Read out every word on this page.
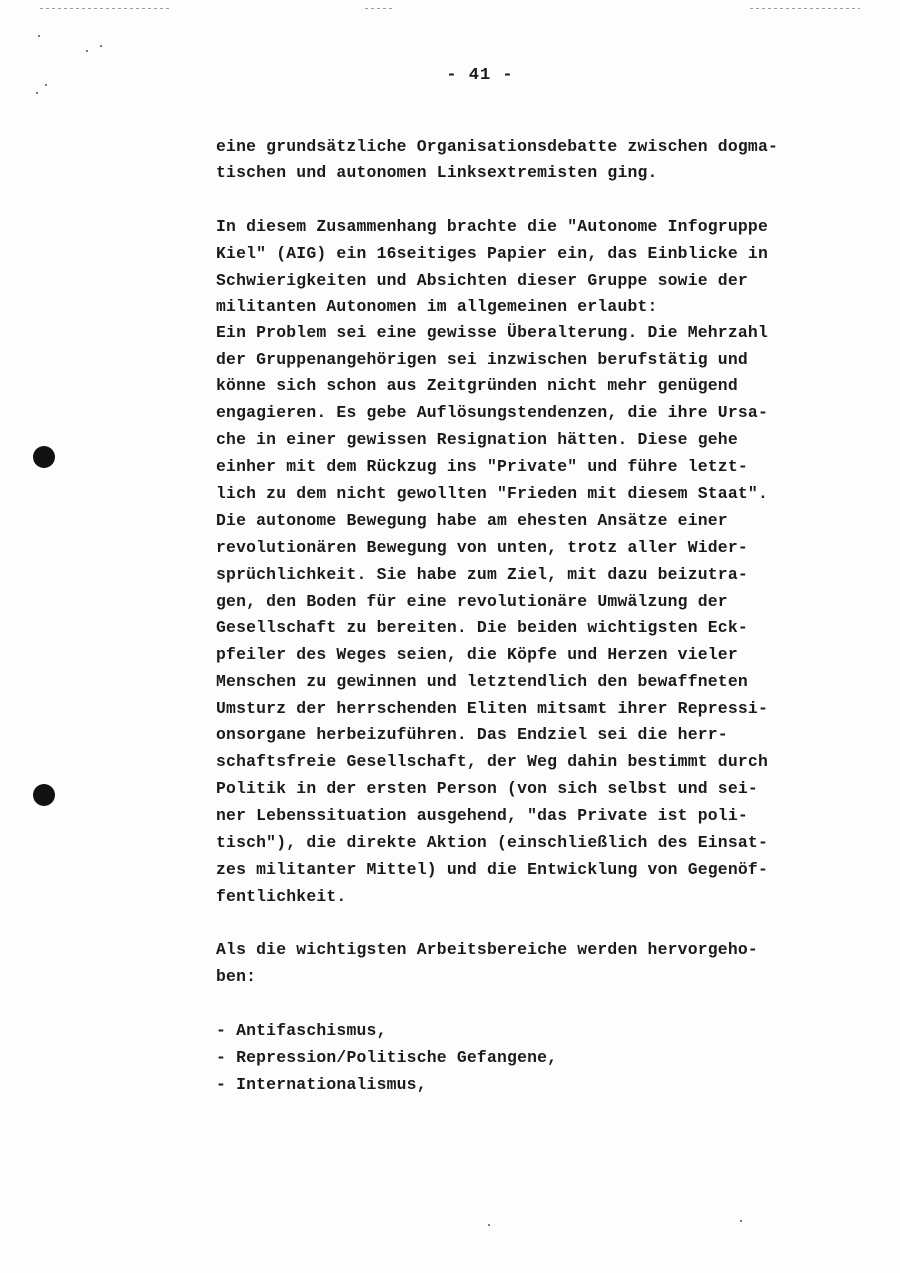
- 41 -
eine grundsätzliche Organisationsdebatte zwischen dogma-
tischen und autonomen Linksextremisten ging.
In diesem Zusammenhang brachte die "Autonome Infogruppe
Kiel" (AIG) ein 16seitiges Papier ein, das Einblicke in
Schwierigkeiten und Absichten dieser Gruppe sowie der
militanten Autonomen im allgemeinen erlaubt:
Ein Problem sei eine gewisse Überalterung. Die Mehrzahl
der Gruppenangehörigen sei inzwischen berufstätig und
könne sich schon aus Zeitgründen nicht mehr genügend
engagieren. Es gebe Auflösungstendenzen, die ihre Ursa-
che in einer gewissen Resignation hätten. Diese gehe
einher mit dem Rückzug ins "Private" und führe letzt-
lich zu dem nicht gewollten "Frieden mit diesem Staat".
Die autonome Bewegung habe am ehesten Ansätze einer
revolutionären Bewegung von unten, trotz aller Wider-
sprüchlichkeit. Sie habe zum Ziel, mit dazu beizutra-
gen, den Boden für eine revolutionäre Umwälzung der
Gesellschaft zu bereiten. Die beiden wichtigsten Eck-
pfeiler des Weges seien, die Köpfe und Herzen vieler
Menschen zu gewinnen und letztendlich den bewaffneten
Umsturz der herrschenden Eliten mitsamt ihrer Repressi-
onsorgane herbeizuführen. Das Endziel sei die herr-
schaftsfreie Gesellschaft, der Weg dahin bestimmt durch
Politik in der ersten Person (von sich selbst und sei-
ner Lebenssituation ausgehend, "das Private ist poli-
tisch"), die direkte Aktion (einschließlich des Einsat-
zes militanter Mittel) und die Entwicklung von Gegenöf-
fentlichkeit.
Als die wichtigsten Arbeitsbereiche werden hervorgeho-
ben:
- Antifaschismus,
- Repression/Politische Gefangene,
- Internationalismus,
